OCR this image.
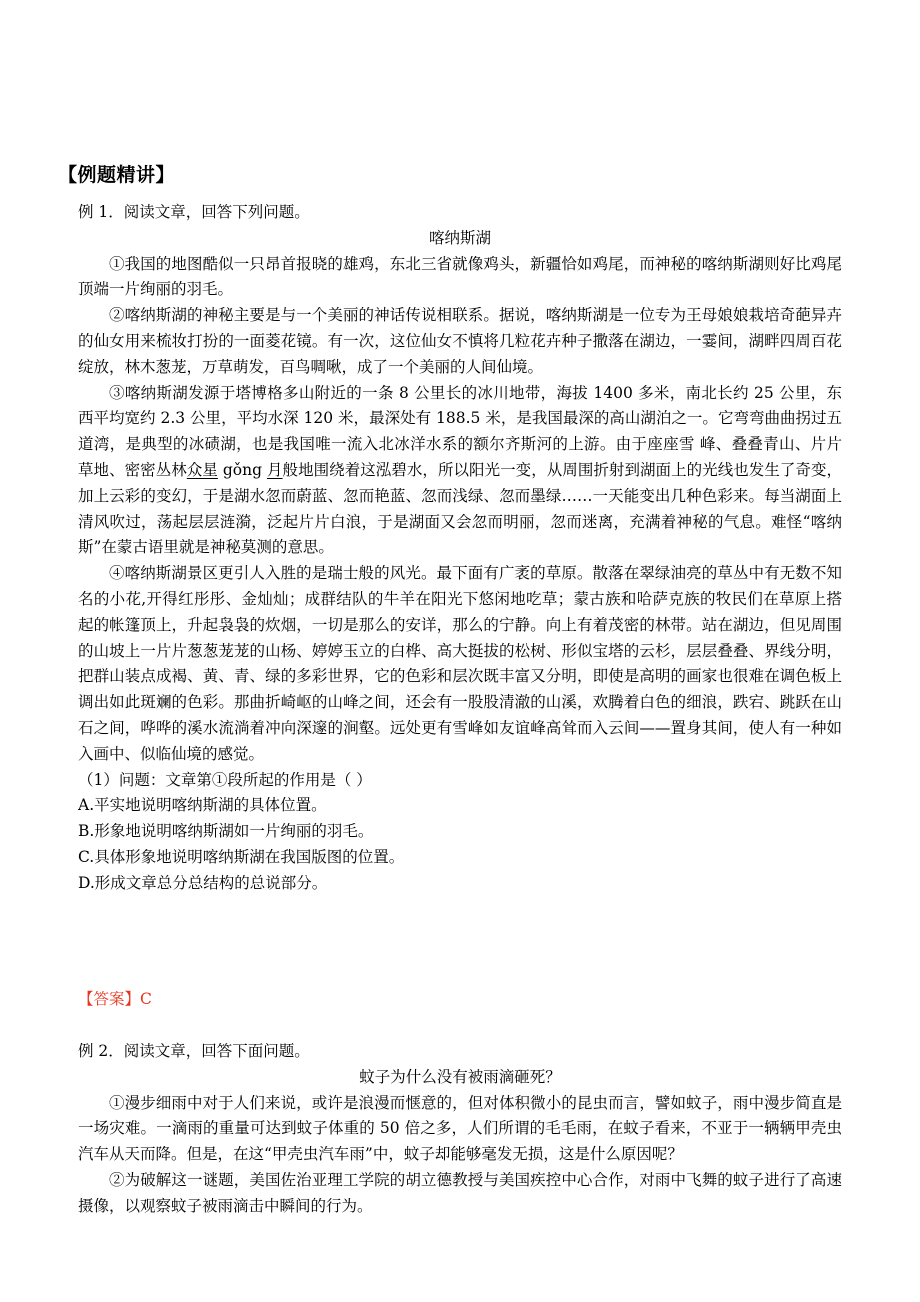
【例题精讲】

例 1．阅读文章，回答下列问题。

喀纳斯湖

①我国的地图酷似一只昂首报晓的雄鸡，东北三省就像鸡头，新疆恰如鸡尾，而神秘的喀纳斯湖则好比鸡尾顶端一片绚丽的羽毛。

②喀纳斯湖的神秘主要是与一个美丽的神话传说相联系。据说，喀纳斯湖是一位专为王母娘娘栽培奇葩异卉的仙女用来梳妆打扮的一面菱花镜。有一次，这位仙女不慎将几粒花卉种子撒落在湖边，一霎间，湖畔四周百花绽放，林木葱茏，万草萌发，百鸟啁啾，成了一个美丽的人间仙境。

③喀纳斯湖发源于塔博格多山附近的一条 8 公里长的冰川地带，海拔 1400 多米，南北长约 25 公里，东西平均宽约 2.3 公里，平均水深 120 米，最深处有 188.5 米，是我国最深的高山湖泊之一。它弯弯曲曲拐过五道湾，是典型的冰碛湖，也是我国唯一流入北冰洋水系的额尔齐斯河的上游。由于座座雪 峰、叠叠青山、片片草地、密密丛林众星 gǒng 月般地围绕着这泓碧水，所以阳光一变，从周围折射到湖面上的光线也发生了奇变，加上云彩的变幻，于是湖水忽而蔚蓝、忽而艳蓝、忽而浅绿、忽而墨绿……一天能变出几种色彩来。每当湖面上清风吹过，荡起层层涟漪，泛起片片白浪，于是湖面又会忽而明丽，忽而迷离，充满着神秘的气息。难怪“喀纳斯”在蒙古语里就是神秘莫测的意思。

④喀纳斯湖景区更引人入胜的是瑞士般的风光。最下面有广袤的草原。散落在翠绿油亮的草丛中有无数不知名的小花,开得红彤彤、金灿灿；成群结队的牛羊在阳光下悠闲地吃草；蒙古族和哈萨克族的牧民们在草原上搭起的帐篷顶上，升起袅袅的炊烟，一切是那么的安详，那么的宁静。向上有着茂密的林带。站在湖边，但见周围的山坡上一片片葱葱茏茏的山杨、婷婷玉立的白桦、高大挺拔的松树、形似宝塔的云杉，层层叠叠、界线分明，把群山装点成褐、黄、青、绿的多彩世界，它的色彩和层次既丰富又分明，即使是高明的画家也很难在调色板上调出如此斑斓的色彩。那曲折崎岖的山峰之间，还会有一股股清澈的山溪，欢腾着白色的细浪，跌宕、跳跃在山石之间，哗哗的溪水流淌着冲向深邃的涧壑。远处更有雪峰如友谊峰高耸而入云间——置身其间，使人有一种如入画中、似临仙境的感觉。

（1）问题：文章第①段所起的作用是（ ）

A.平实地说明喀纳斯湖的具体位置。

B.形象地说明喀纳斯湖如一片绚丽的羽毛。

C.具体形象地说明喀纳斯湖在我国版图的位置。

D.形成文章总分总结构的总说部分。

【答案】C

例 2．阅读文章，回答下面问题。

蚊子为什么没有被雨滴砸死？

①漫步细雨中对于人们来说，或许是浪漫而惬意的，但对体积微小的昆虫而言，譬如蚊子，雨中漫步简直是一场灾难。一滴雨的重量可达到蚊子体重的 50 倍之多，人们所谓的毛毛雨，在蚊子看来，不亚于一辆辆甲壳虫汽车从天而降。但是，在这“甲壳虫汽车雨”中，蚊子却能够毫发无损，这是什么原因呢？

②为破解这一谜题，美国佐治亚理工学院的胡立德教授与美国疾控中心合作，对雨中飞舞的蚊子进行了高速摄像，以观察蚊子被雨滴击中瞬间的行为。
